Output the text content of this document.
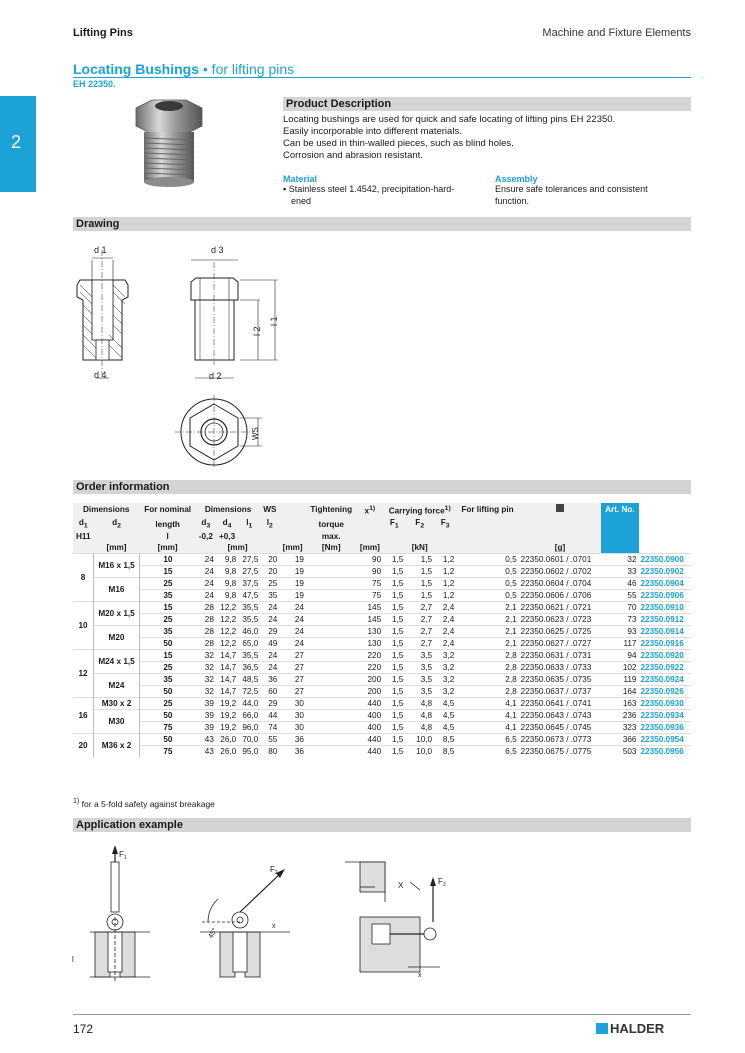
Lifting Pins	Machine and Fixture Elements
Locating Bushings • for lifting pins
EH 22350.
2
Product Description
Locating bushings are used for quick and safe locating of lifting pins EH 22350.
Easily incorporable into different materials.
Can be used in thin-walled pieces, such as blind holes.
Corrosion and abrasion resistant.
Material
▪ Stainless steel 1.4542, precipitation-hard-
ened
Assembly
Ensure safe tolerances and consistent
function.
Drawing
d 1
d 4
d 3
d 2
l 2
l 1
WS
Order information
Dimensions		For nominal	Dimensions			WS		Tightening	$x^{1)}$	Carrying force$^{1)}$			For lifting pin		Art. No.	
$d_1$	$d_2$	length	$d_3$	$d_4$	$l_1$	$l_2$		torque		$F_1$	$F_2$	$F_3$			
H11		l	-0,2	+0,3				max.								
	[mm]	[mm]	[mm]				[mm]	[Nm]	[mm]	[kN]				[g]		
8	M16 x 1,5	10	24	9,8	27,5	20	19		90	1,5	1,5	1,2	0,5	22350.0601 / .0701	32	22350.0900
		15	24	9,8	27,5	20	19		90	1,5	1,5	1,2	0,5	22350.0602 / .0702	33	22350.0902
	M16	25	24	9,8	37,5	25	19		75	1,5	1,5	1,2	0,5	22350.0604 / .0704	46	22350.0904
		35	24	9,8	47,5	35	19		75	1,5	1,5	1,2	0,5	22350.0606 / .0706	55	22350.0906
10	M20 x 1,5	15	28	12,2	35,5	24	24		145	1,5	2,7	2,4	2,1	22350.0621 / .0721	70	22350.0910
		25	28	12,2	35,5	24	24		145	1,5	2,7	2,4	2,1	22350.0623 / .0723	73	22350.0912
	M20	35	28	12,2	46,0	29	24		130	1,5	2,7	2,4	2,1	22350.0625 / .0725	93	22350.0914
		50	28	12,2	65,0	49	24		130	1,5	2,7	2,4	2,1	22350.0627 / .0727	117	22350.0916
12	M24 x 1,5	15	32	14,7	35,5	24	27		220	1,5	3,5	3,2	2,8	22350.0631 / .0731	94	22350.0920
		25	32	14,7	36,5	24	27		220	1,5	3,5	3,2	2,8	22350.0633 / .0733	102	22350.0922
	M24	35	32	14,7	48,5	36	27		200	1,5	3,5	3,2	2,8	22350.0635 / .0735	119	22350.0924
		50	32	14,7	72,5	60	27		200	1,5	3,5	3,2	2,8	22350.0637 / .0737	164	22350.0926
16	M30 x 2	25	39	19,2	44,0	29	30		440	1,5	4,8	4,5	4,1	22350.0641 / .0741	163	22350.0930
	M30	50	39	19,2	66,0	44	30		400	1,5	4,8	4,5	4,1	22350.0643 / .0743	236	22350.0934
		75	39	19,2	96,0	74	30		400	1,5	4,8	4,5	4,1	22350.0645 / .0745	323	22350.0936
20	M36 x 2	50	43	26,0	70,0	55	36		440	1,5	10,0	8,5	6,5	22350.0673 / .0773	366	22350.0954
		75	43	26,0	95,0	80	36		440	1,5	10,0	8,5	6,5	22350.0675 / .0775	503	22350.0956
$^{1)}$ for a 5-fold safety against breakage
Application example
$F_1$
l
$F_2$
45°
x
$F_3$
X
x
172	HALDER
